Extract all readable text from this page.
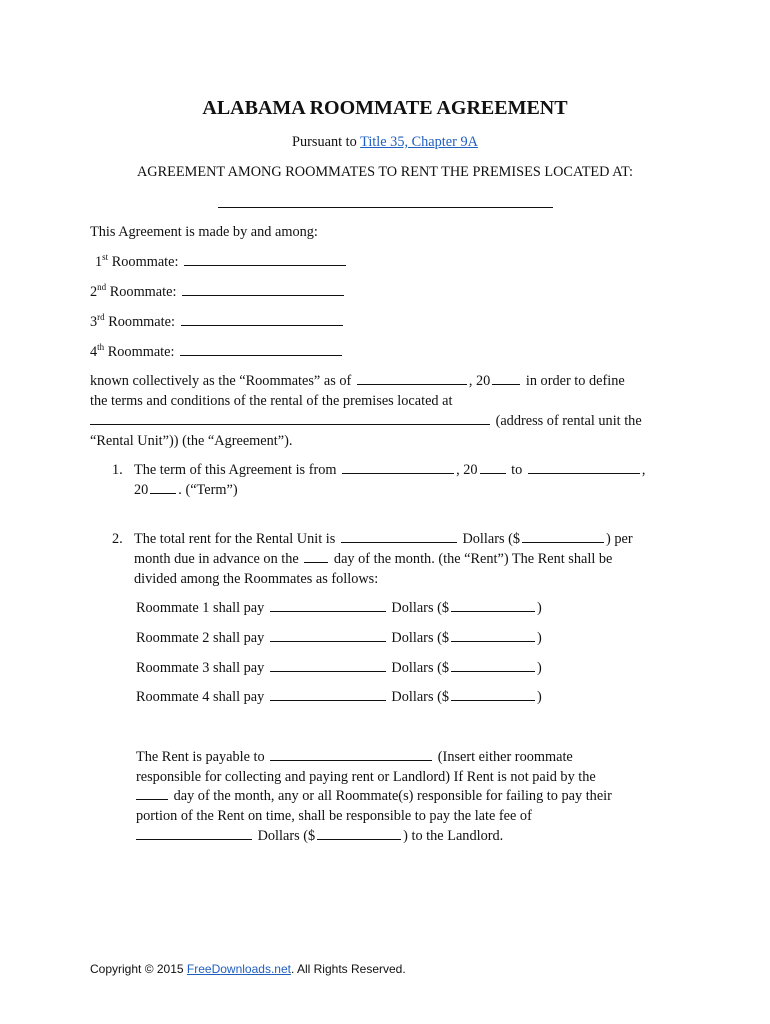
ALABAMA ROOMMATE AGREEMENT
Pursuant to Title 35, Chapter 9A
AGREEMENT AMONG ROOMMATES TO RENT THE PREMISES LOCATED AT:
This Agreement is made by and among:
1st Roommate:
2nd Roommate:
3rd Roommate:
4th Roommate:
known collectively as the “Roommates” as of	, 20 in order to define
the terms and conditions of the rental of the premises located at
(address of rental unit the
“Rental Unit”)) (the “Agreement”).
1. The term of this Agreement is from	, 20 to	,
20 . (“Term”)
2. The total rent for the Rental Unit is	Dollars ($	) per
month due in advance on the day of the month. (the “Rent”) The Rent shall be
divided among the Roommates as follows:
Roommate 1 shall pay	Dollars ($	)
Roommate 2 shall pay	Dollars ($	)
Roommate 3 shall pay	Dollars ($	)
Roommate 4 shall pay	Dollars ($	)
The Rent is payable to	(Insert either roommate
responsible for collecting and paying rent or Landlord) If Rent is not paid by the
day of the month, any or all Roommate(s) responsible for failing to pay their
portion of the Rent on time, shall be responsible to pay the late fee of
Dollars ($	) to the Landlord.
Copyright © 2015 FreeDownloads.net. All Rights Reserved.
